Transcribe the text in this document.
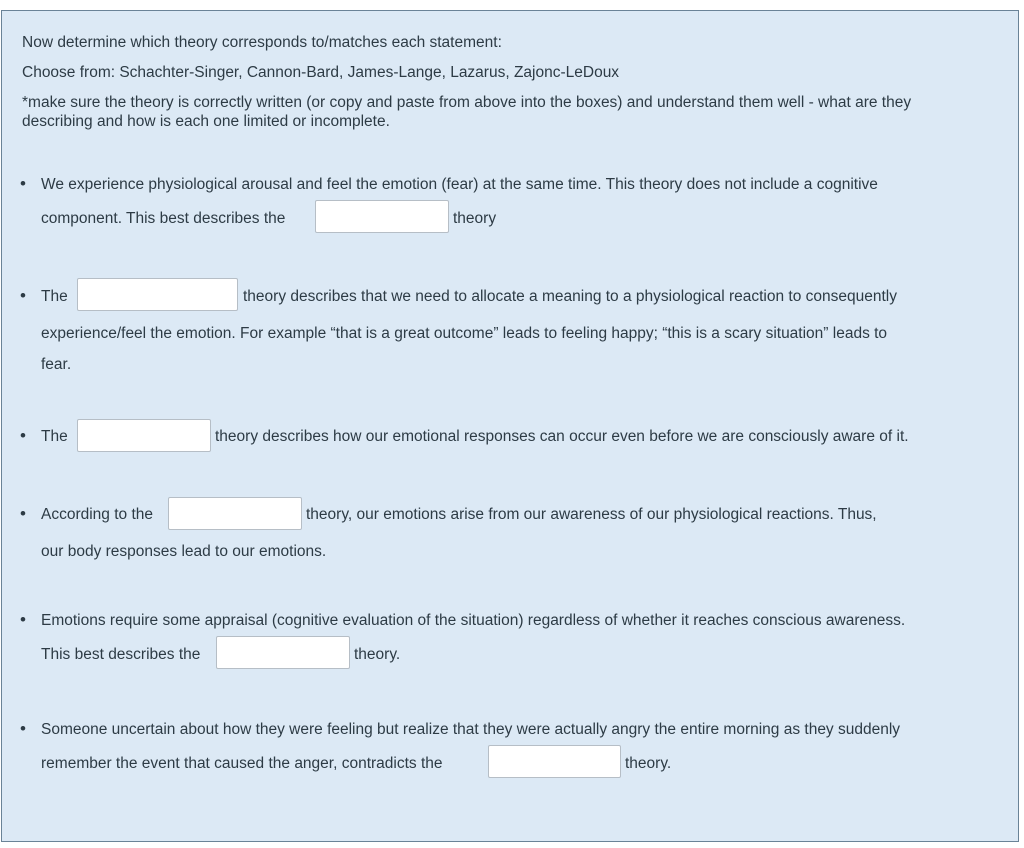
Now determine which theory corresponds to/matches each statement:
Choose from: Schachter-Singer, Cannon-Bard, James-Lange, Lazarus, Zajonc-LeDoux
*make sure the theory is correctly written (or copy and paste from above into the boxes) and understand them well - what are they describing and how is each one limited or incomplete.
• We experience physiological arousal and feel the emotion (fear) at the same time. This theory does not include a cognitive
component. This best describes the	theory
• The	theory describes that we need to allocate a meaning to a physiological reaction to consequently
experience/feel the emotion. For example “that is a great outcome” leads to feeling happy; “this is a scary situation” leads to
fear.
• The	theory describes how our emotional responses can occur even before we are consciously aware of it.
• According to the	theory, our emotions arise from our awareness of our physiological reactions. Thus,
our body responses lead to our emotions.
• Emotions require some appraisal (cognitive evaluation of the situation) regardless of whether it reaches conscious awareness.
This best describes the	theory.
• Someone uncertain about how they were feeling but realize that they were actually angry the entire morning as they suddenly
remember the event that caused the anger, contradicts the	theory.
